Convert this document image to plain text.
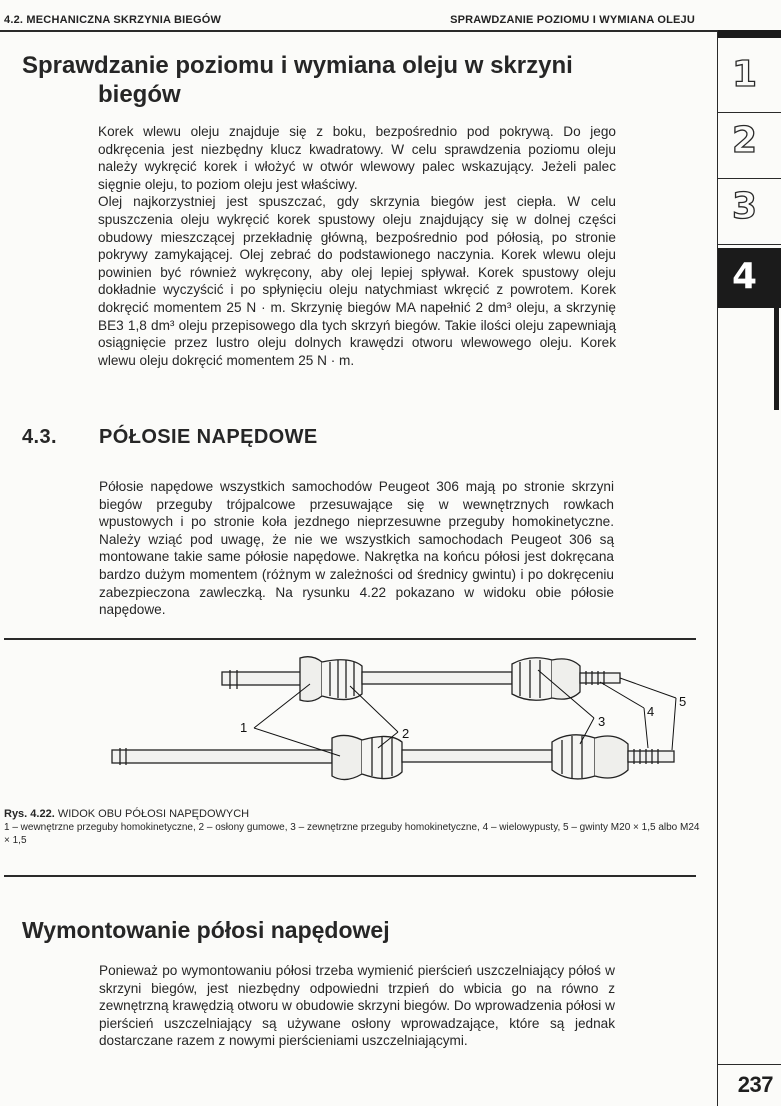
4.2. MECHANICZNA SKRZYNIA BIEGÓW	SPRAWDZANIE POZIOMU I WYMIANA OLEJU
1
2
3
4
Sprawdzanie poziomu i wymiana oleju w skrzyni
biegów

Korek wlewu oleju znajduje się z boku, bezpośrednio pod pokrywą. Do jego odkręcenia jest niezbędny klucz kwadratowy. W celu sprawdzenia poziomu oleju należy wykręcić korek i włożyć w otwór wlewowy palec wskazujący. Jeżeli palec sięgnie oleju, to poziom oleju jest właściwy.

Olej najkorzystniej jest spuszczać, gdy skrzynia biegów jest ciepła. W celu spuszczenia oleju wykręcić korek spustowy oleju znajdujący się w dolnej części obudowy mieszczącej przekładnię główną, bezpośrednio pod półosią, po stronie pokrywy zamykającej. Olej zebrać do podstawionego naczynia. Korek wlewu oleju powinien być również wykręcony, aby olej lepiej spływał. Korek spustowy oleju dokładnie wyczyścić i po spłynięciu oleju natychmiast wkręcić z powrotem. Korek dokręcić momentem 25 N · m. Skrzynię biegów MA napełnić 2 dm³ oleju, a skrzynię BE3 1,8 dm³ oleju przepisowego dla tych skrzyń biegów. Takie ilości oleju zapewniają osiągnięcie przez lustro oleju dolnych krawędzi otworu wlewowego oleju. Korek wlewu oleju dokręcić momentem 25 N · m.

4.3. PÓŁOSIE NAPĘDOWE

Półosie napędowe wszystkich samochodów Peugeot 306 mają po stronie skrzyni biegów przeguby trójpalcowe przesuwające się w wewnętrznych rowkach wpustowych i po stronie koła jezdnego nieprzesuwne przeguby homokinetyczne. Należy wziąć pod uwagę, że nie we wszystkich samochodach Peugeot 306 są montowane takie same półosie napędowe. Nakrętka na końcu półosi jest dokręcana bardzo dużym momentem (różnym w zależności od średnicy gwintu) i po dokręceniu zabezpieczona zawleczką. Na rysunku 4.22 pokazano w widoku obie półosie napędowe.

1	2
3
4
5
Rys. 4.22. WIDOK OBU PÓŁOSI NAPĘDOWYCH
1 – wewnętrzne przeguby homokinetyczne, 2 – osłony gumowe, 3 – zewnętrzne przeguby homokinetyczne, 4 – wielowypusty, 5 – gwinty M20 × 1,5 albo M24 × 1,5
Wymontowanie półosi napędowej

Ponieważ po wymontowaniu półosi trzeba wymienić pierścień uszczelniający półoś w skrzyni biegów, jest niezbędny odpowiedni trzpień do wbicia go na równo z zewnętrzną krawędzią otworu w obudowie skrzyni biegów. Do wprowadzenia półosi w pierścień uszczelniający są używane osłony wprowadzające, które są jednak dostarczane razem z nowymi pierścieniami uszczelniającymi.

237
